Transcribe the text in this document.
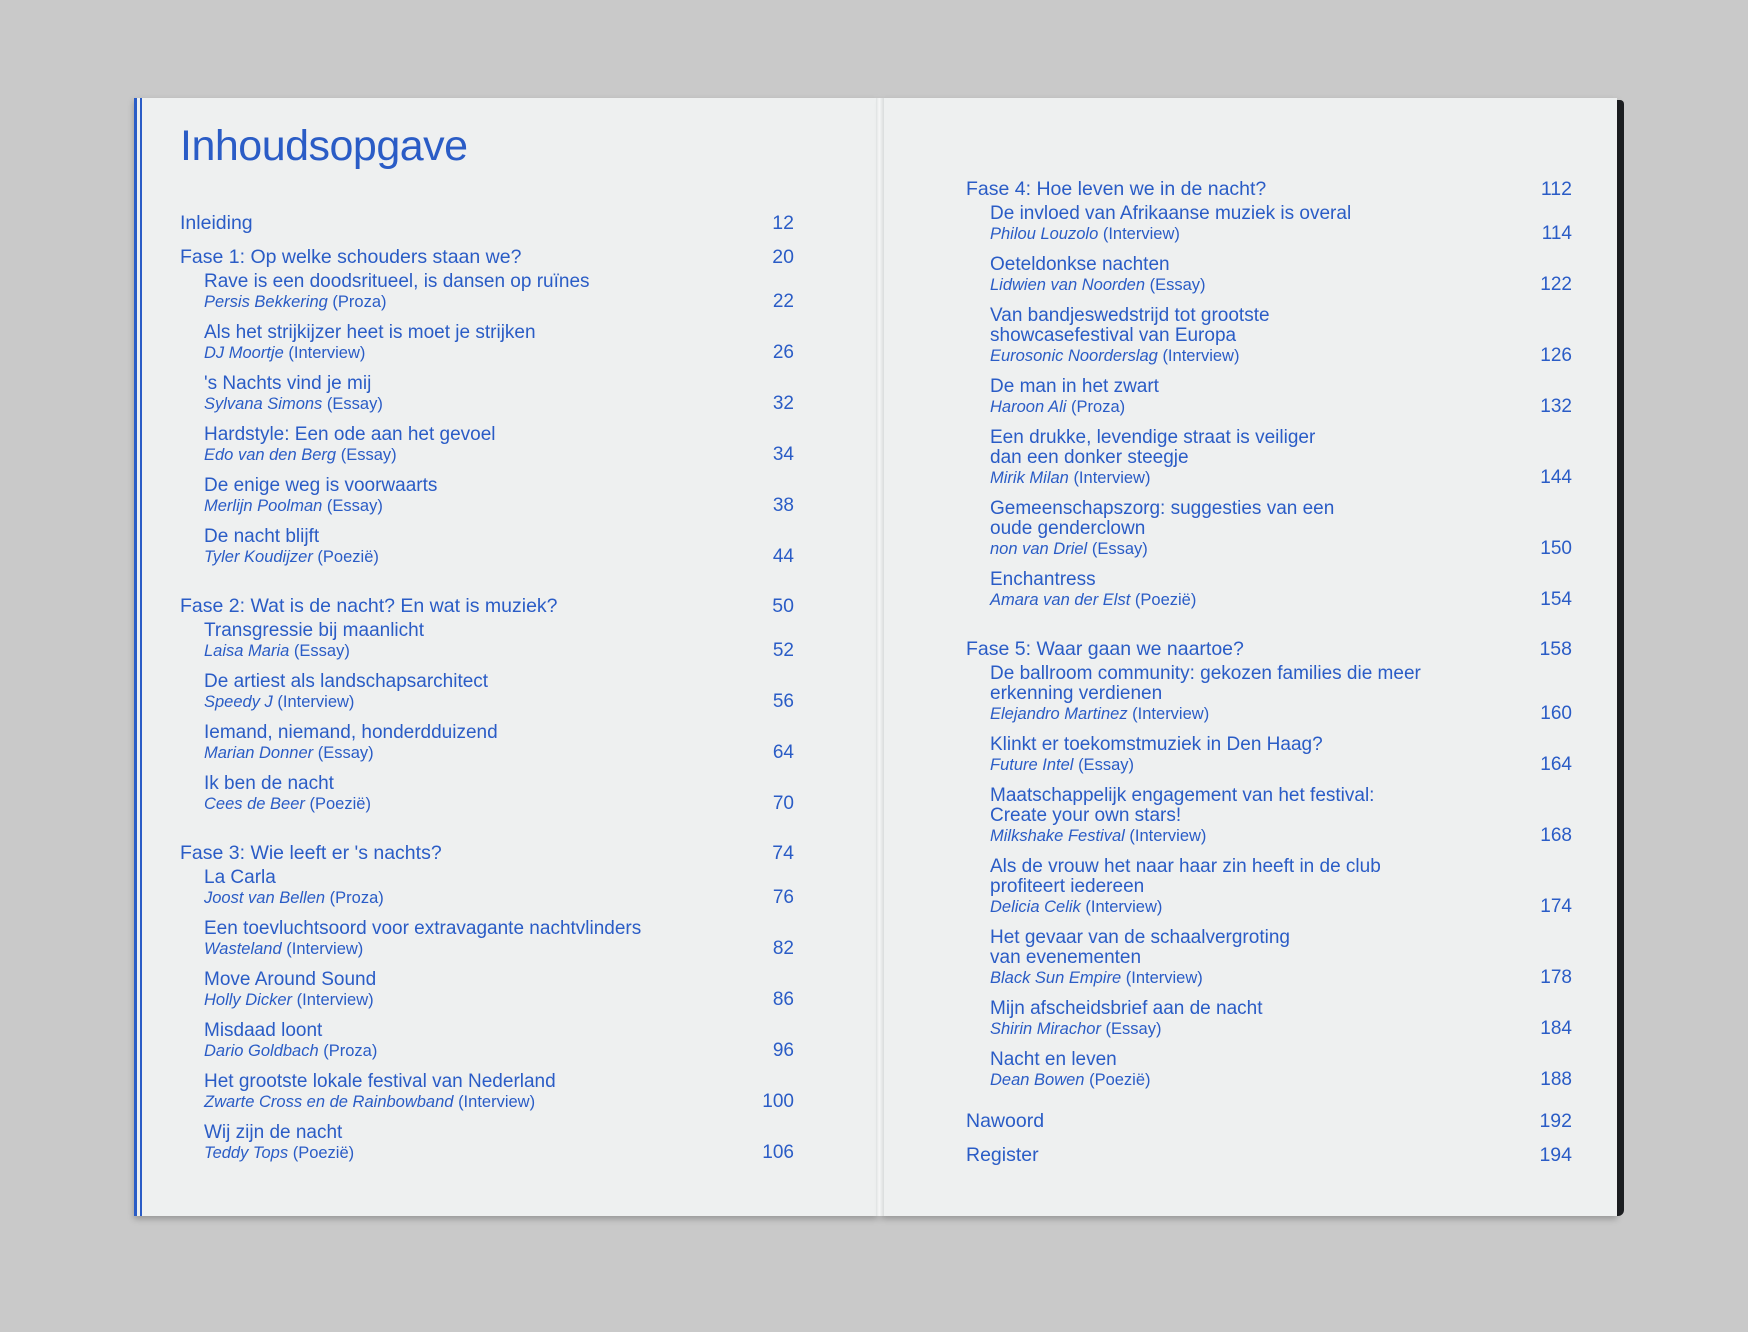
Inhoudsopgave
Inleiding	12
Fase 1: Op welke schouders staan we?	20
Rave is een doodsritueel, is dansen op ruïnes
Persis Bekkering (Proza)	22
Als het strijkijzer heet is moet je strijken
DJ Moortje (Interview)	26
's Nachts vind je mij
Sylvana Simons (Essay)	32
Hardstyle: Een ode aan het gevoel
Edo van den Berg (Essay)	34
De enige weg is voorwaarts
Merlijn Poolman (Essay)	38
De nacht blijft
Tyler Koudijzer (Poezië)	44
Fase 2: Wat is de nacht? En wat is muziek?	50
Transgressie bij maanlicht
Laisa Maria (Essay)	52
De artiest als landschapsarchitect
Speedy J (Interview)	56
Iemand, niemand, honderdduizend
Marian Donner (Essay)	64
Ik ben de nacht
Cees de Beer (Poezië)	70
Fase 3: Wie leeft er 's nachts?	74
La Carla
Joost van Bellen (Proza)	76
Een toevluchtsoord voor extravagante nachtvlinders
Wasteland (Interview)	82
Move Around Sound
Holly Dicker (Interview)	86
Misdaad loont
Dario Goldbach (Proza)	96
Het grootste lokale festival van Nederland
Zwarte Cross en de Rainbowband (Interview)	100
Wij zijn de nacht
Teddy Tops (Poezië)	106
Fase 4: Hoe leven we in de nacht?	112
De invloed van Afrikaanse muziek is overal
Philou Louzolo (Interview)	114
Oeteldonkse nachten
Lidwien van Noorden (Essay)	122
Van bandjeswedstrijd tot grootste
showcasefestival van Europa
Eurosonic Noorderslag (Interview)	126
De man in het zwart
Haroon Ali (Proza)	132
Een drukke, levendige straat is veiliger
dan een donker steegje
Mirik Milan (Interview)	144
Gemeenschapszorg: suggesties van een
oude genderclown
non van Driel (Essay)	150
Enchantress
Amara van der Elst (Poezië)	154
Fase 5: Waar gaan we naartoe?	158
De ballroom community: gekozen families die meer
erkenning verdienen
Elejandro Martinez (Interview)	160
Klinkt er toekomstmuziek in Den Haag?
Future Intel (Essay)	164
Maatschappelijk engagement van het festival:
Create your own stars!
Milkshake Festival (Interview)	168
Als de vrouw het naar haar zin heeft in de club
profiteert iedereen
Delicia Celik (Interview)	174
Het gevaar van de schaalvergroting
van evenementen
Black Sun Empire (Interview)	178
Mijn afscheidsbrief aan de nacht
Shirin Mirachor (Essay)	184
Nacht en leven
Dean Bowen (Poezië)	188
Nawoord	192
Register	194
